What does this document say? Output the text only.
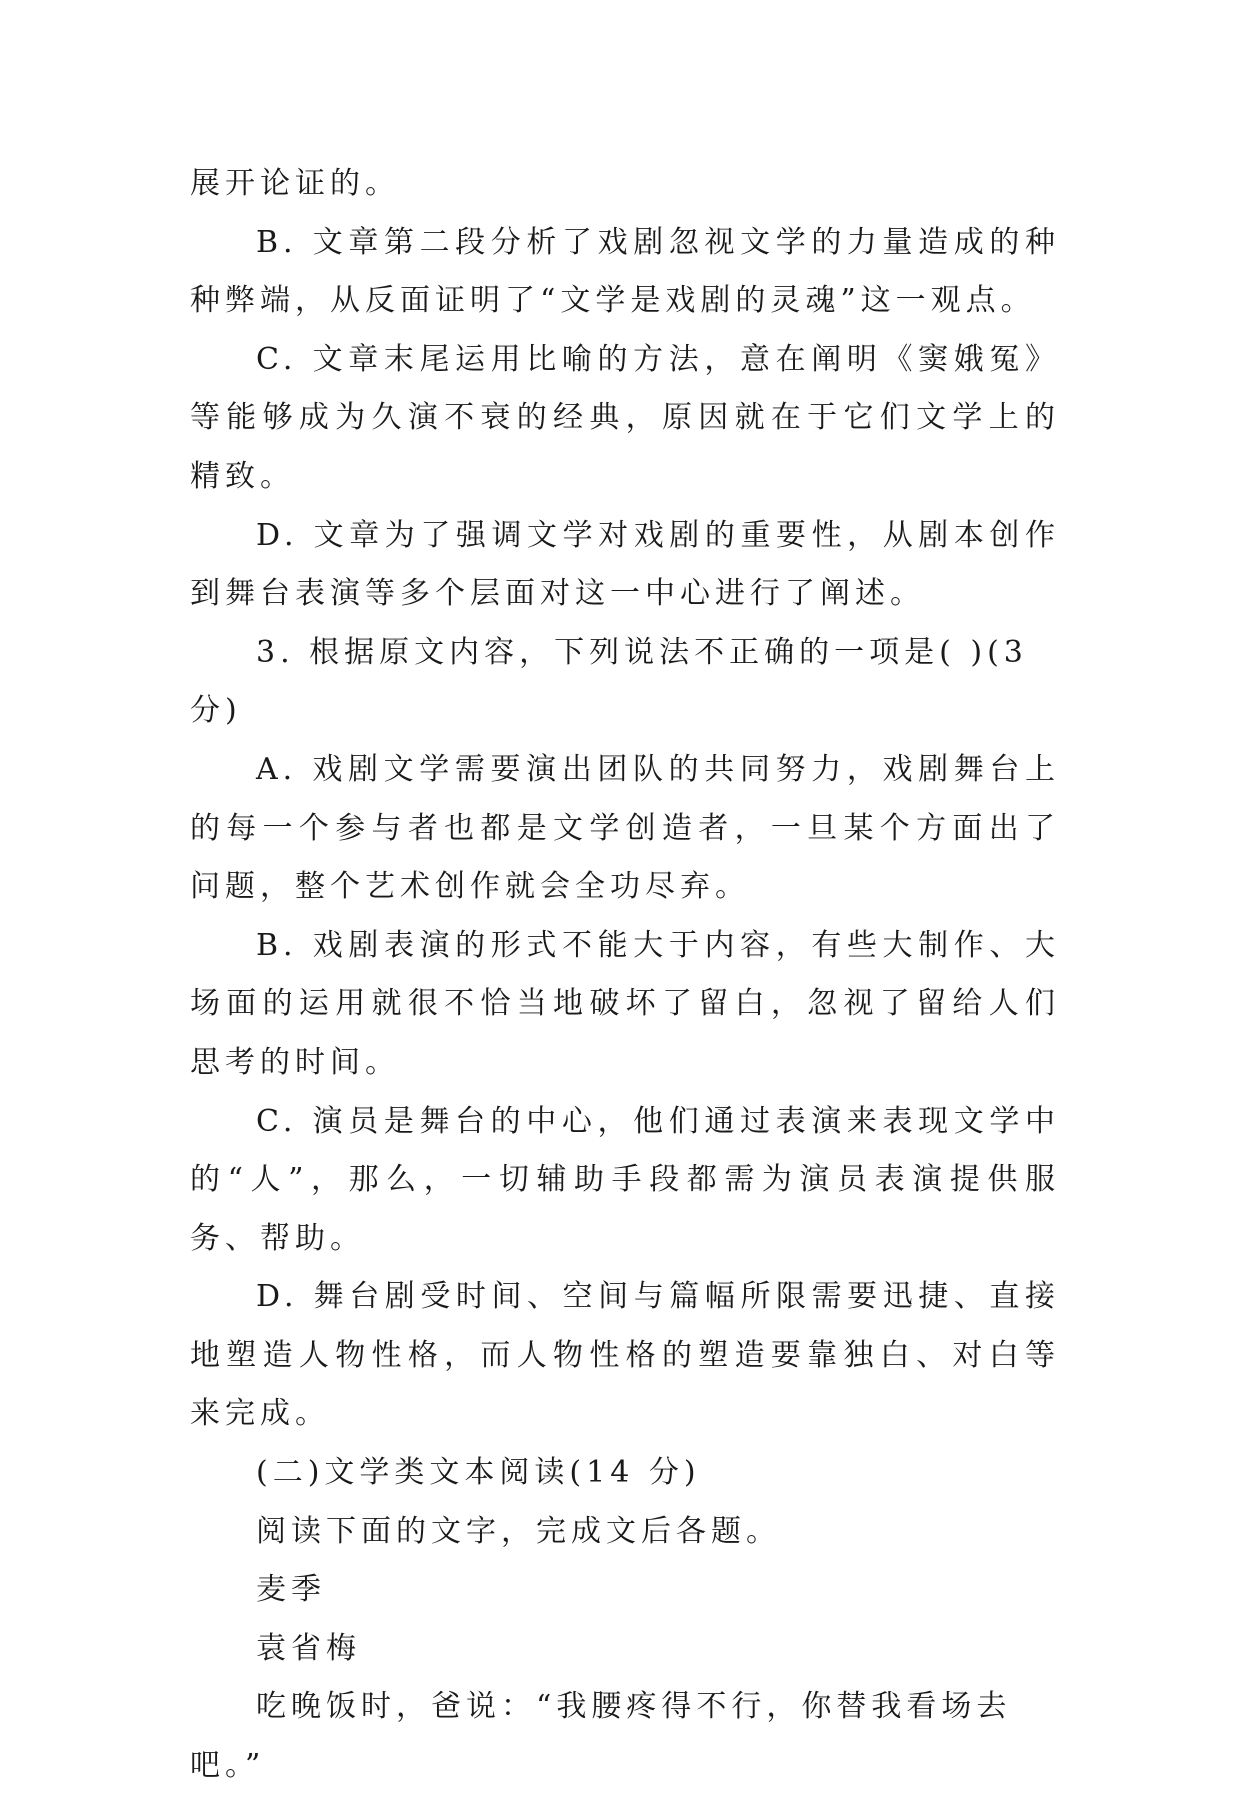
展开论证的。

B. 文章第二段分析了戏剧忽视文学的力量造成的种种弊端，从反面证明了“文学是戏剧的灵魂”这一观点。

C. 文章末尾运用比喻的方法，意在阐明《窦娥冤》等能够成为久演不衰的经典，原因就在于它们文学上的精致。

D. 文章为了强调文学对戏剧的重要性，从剧本创作到舞台表演等多个层面对这一中心进行了阐述。

3. 根据原文内容，下列说法不正确的一项是( )(3 分)

A. 戏剧文学需要演出团队的共同努力，戏剧舞台上的每一个参与者也都是文学创造者，一旦某个方面出了问题，整个艺术创作就会全功尽弃。

B. 戏剧表演的形式不能大于内容，有些大制作、大场面的运用就很不恰当地破坏了留白，忽视了留给人们思考的时间。

C. 演员是舞台的中心，他们通过表演来表现文学中的“人”，那么，一切辅助手段都需为演员表演提供服务、帮助。

D. 舞台剧受时间、空间与篇幅所限需要迅捷、直接地塑造人物性格，而人物性格的塑造要靠独白、对白等来完成。

(二)文学类文本阅读(14 分)

阅读下面的文字，完成文后各题。

麦季

袁省梅

吃晚饭时，爸说：“我腰疼得不行，你替我看场去吧。”
